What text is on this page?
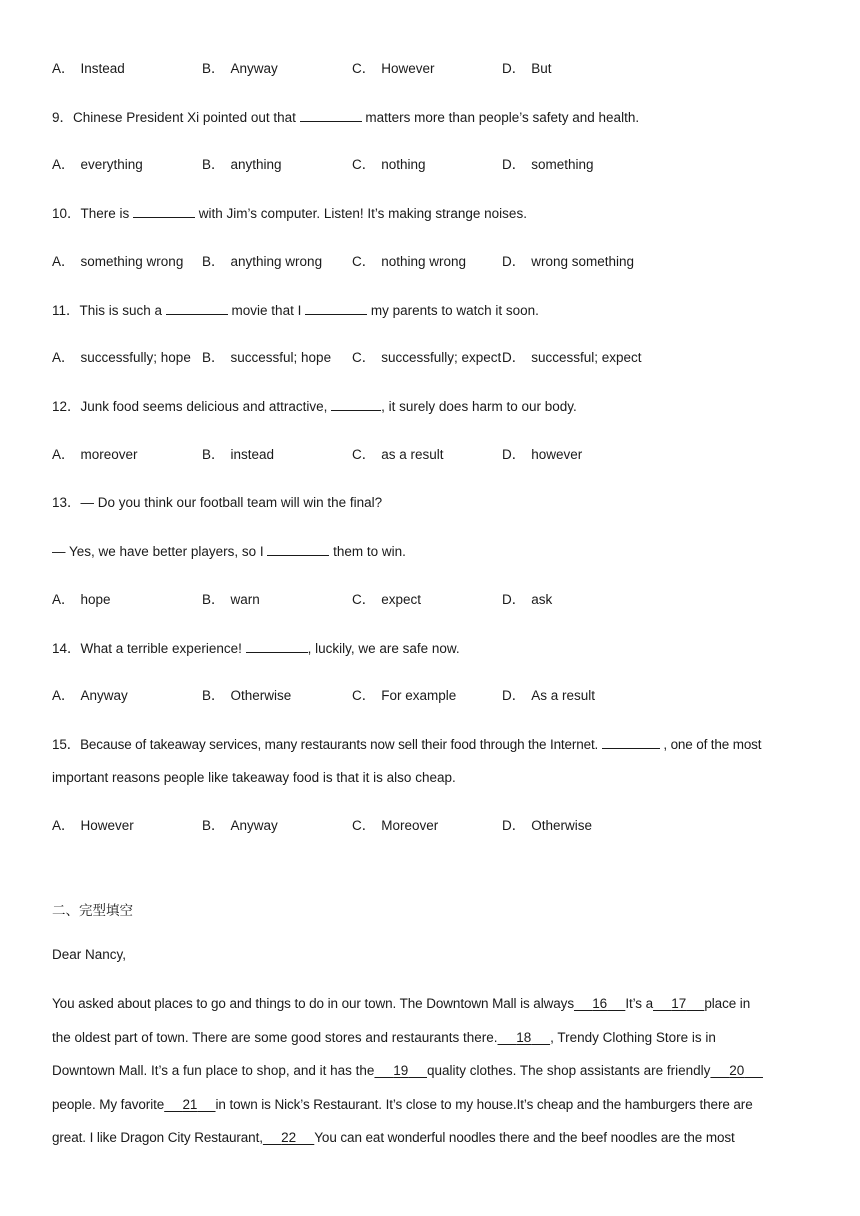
A． Instead	B． Anyway	C． However	D． But
9．Chinese President Xi pointed out that	matters more than people’s safety and health.
A． everything	B． anything	C． nothing	D． something
10．There is	with Jim’s computer. Listen! It’s making strange noises.
A． something wrong B． anything wrong C． nothing wrong	D． wrong something
11．This is such a	movie that I	my parents to watch it soon.
A． successfully; hope B． successful; hope C． successfully; expect D． successful; expect
12．Junk food seems delicious and attractive,	, it surely does harm to our body.
A． moreover	B． instead	C． as a result	D． however
13．— Do you think our football team will win the final?
— Yes, we have better players, so I	them to win.
A． hope	B． warn	C． expect	D． ask
14．What a terrible experience!	, luckily, we are safe now.
A． Anyway	B． Otherwise	C． For example	D． As a result
15．Because of takeaway services, many restaurants now sell their food through the Internet.	, one of the most
important reasons people like takeaway food is that it is also cheap.
A． However	B． Anyway	C． Moreover	D． Otherwise
二、完型填空
Dear Nancy,
You asked about places to go and things to do in our town. The Downtown Mall is always 16 It’s a 17 place in
the oldest part of town. There are some good stores and restaurants there. 18 , Trendy Clothing Store is in
Downtown Mall. It’s a fun place to shop, and it has the 19 quality clothes. The shop assistants are friendly 20
people. My favorite 21 in town is Nick’s Restaurant. It’s close to my house.It’s cheap and the hamburgers there are
great. I like Dragon City Restaurant, 22 You can eat wonderful noodles there and the beef noodles are the most
